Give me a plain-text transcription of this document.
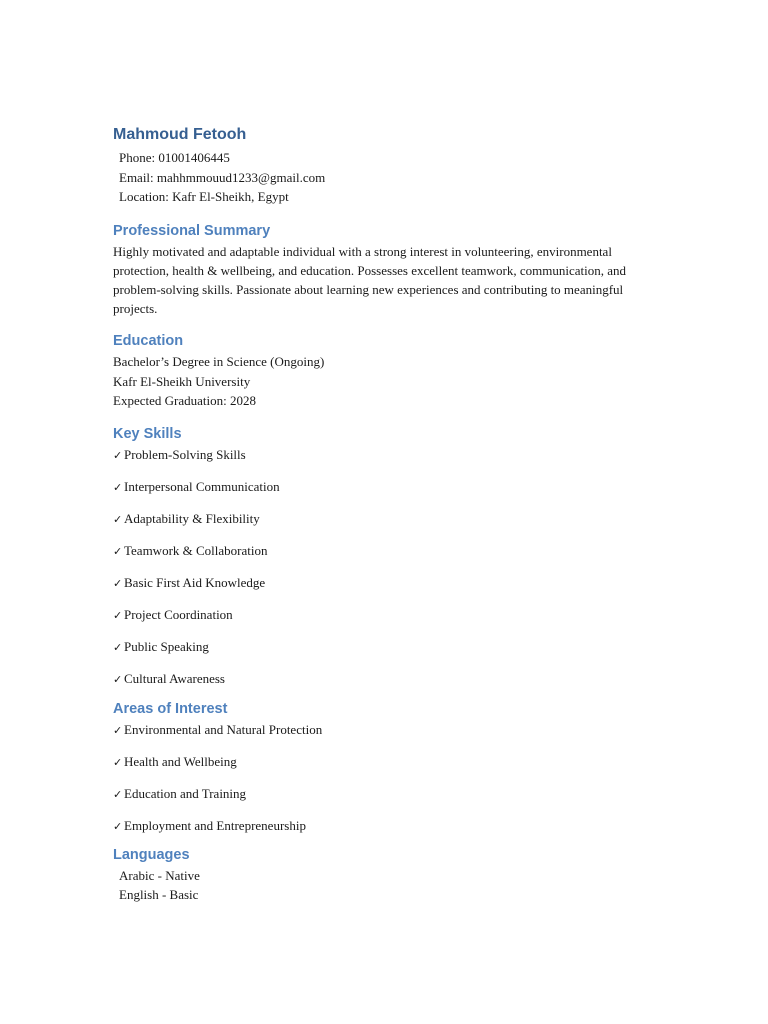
Mahmoud Fetooh
Phone: 01001406445
Email: mahhmmouud1233@gmail.com
Location: Kafr El-Sheikh, Egypt
Professional Summary

Highly motivated and adaptable individual with a strong interest in volunteering, environmental protection, health & wellbeing, and education. Possesses excellent teamwork, communication, and problem-solving skills. Passionate about learning new experiences and contributing to meaningful projects.

Education
Bachelor’s Degree in Science (Ongoing)
Kafr El-Sheikh University
Expected Graduation: 2028
Key Skills
✓ Problem-Solving Skills
✓ Interpersonal Communication
✓ Adaptability & Flexibility
✓ Teamwork & Collaboration
✓ Basic First Aid Knowledge
✓ Project Coordination
✓ Public Speaking
✓ Cultural Awareness
Areas of Interest
✓ Environmental and Natural Protection
✓ Health and Wellbeing
✓ Education and Training
✓ Employment and Entrepreneurship
Languages
Arabic - Native
English - Basic
